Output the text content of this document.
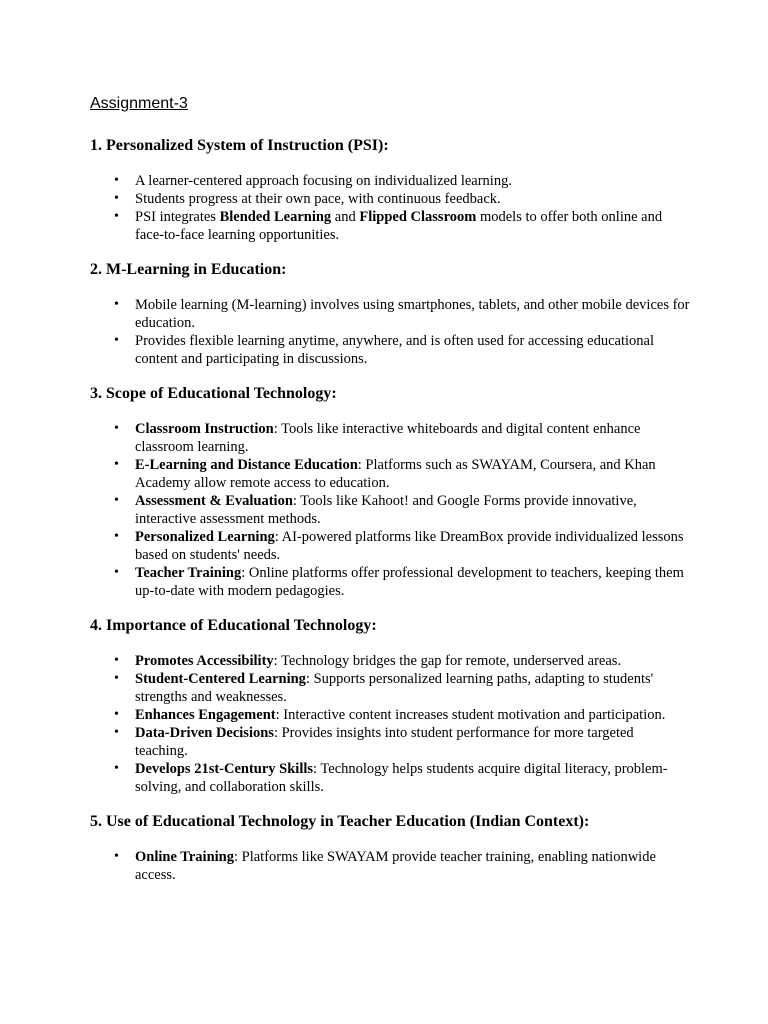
Assignment-3
1. Personalized System of Instruction (PSI):
• A learner-centered approach focusing on individualized learning.
• Students progress at their own pace, with continuous feedback.
• PSI integrates Blended Learning and Flipped Classroom models to offer both online and face-to-face learning opportunities.
2. M-Learning in Education:
• Mobile learning (M-learning) involves using smartphones, tablets, and other mobile devices for education.
• Provides flexible learning anytime, anywhere, and is often used for accessing educational content and participating in discussions.
3. Scope of Educational Technology:
• Classroom Instruction: Tools like interactive whiteboards and digital content enhance classroom learning.
• E-Learning and Distance Education: Platforms such as SWAYAM, Coursera, and Khan Academy allow remote access to education.
• Assessment & Evaluation: Tools like Kahoot! and Google Forms provide innovative, interactive assessment methods.
• Personalized Learning: AI-powered platforms like DreamBox provide individualized lessons based on students' needs.
• Teacher Training: Online platforms offer professional development to teachers, keeping them up-to-date with modern pedagogies.
4. Importance of Educational Technology:
• Promotes Accessibility: Technology bridges the gap for remote, underserved areas.
• Student-Centered Learning: Supports personalized learning paths, adapting to students' strengths and weaknesses.
• Enhances Engagement: Interactive content increases student motivation and participation.
• Data-Driven Decisions: Provides insights into student performance for more targeted teaching.
• Develops 21st-Century Skills: Technology helps students acquire digital literacy, problem-solving, and collaboration skills.
5. Use of Educational Technology in Teacher Education (Indian Context):
• Online Training: Platforms like SWAYAM provide teacher training, enabling nationwide access.
